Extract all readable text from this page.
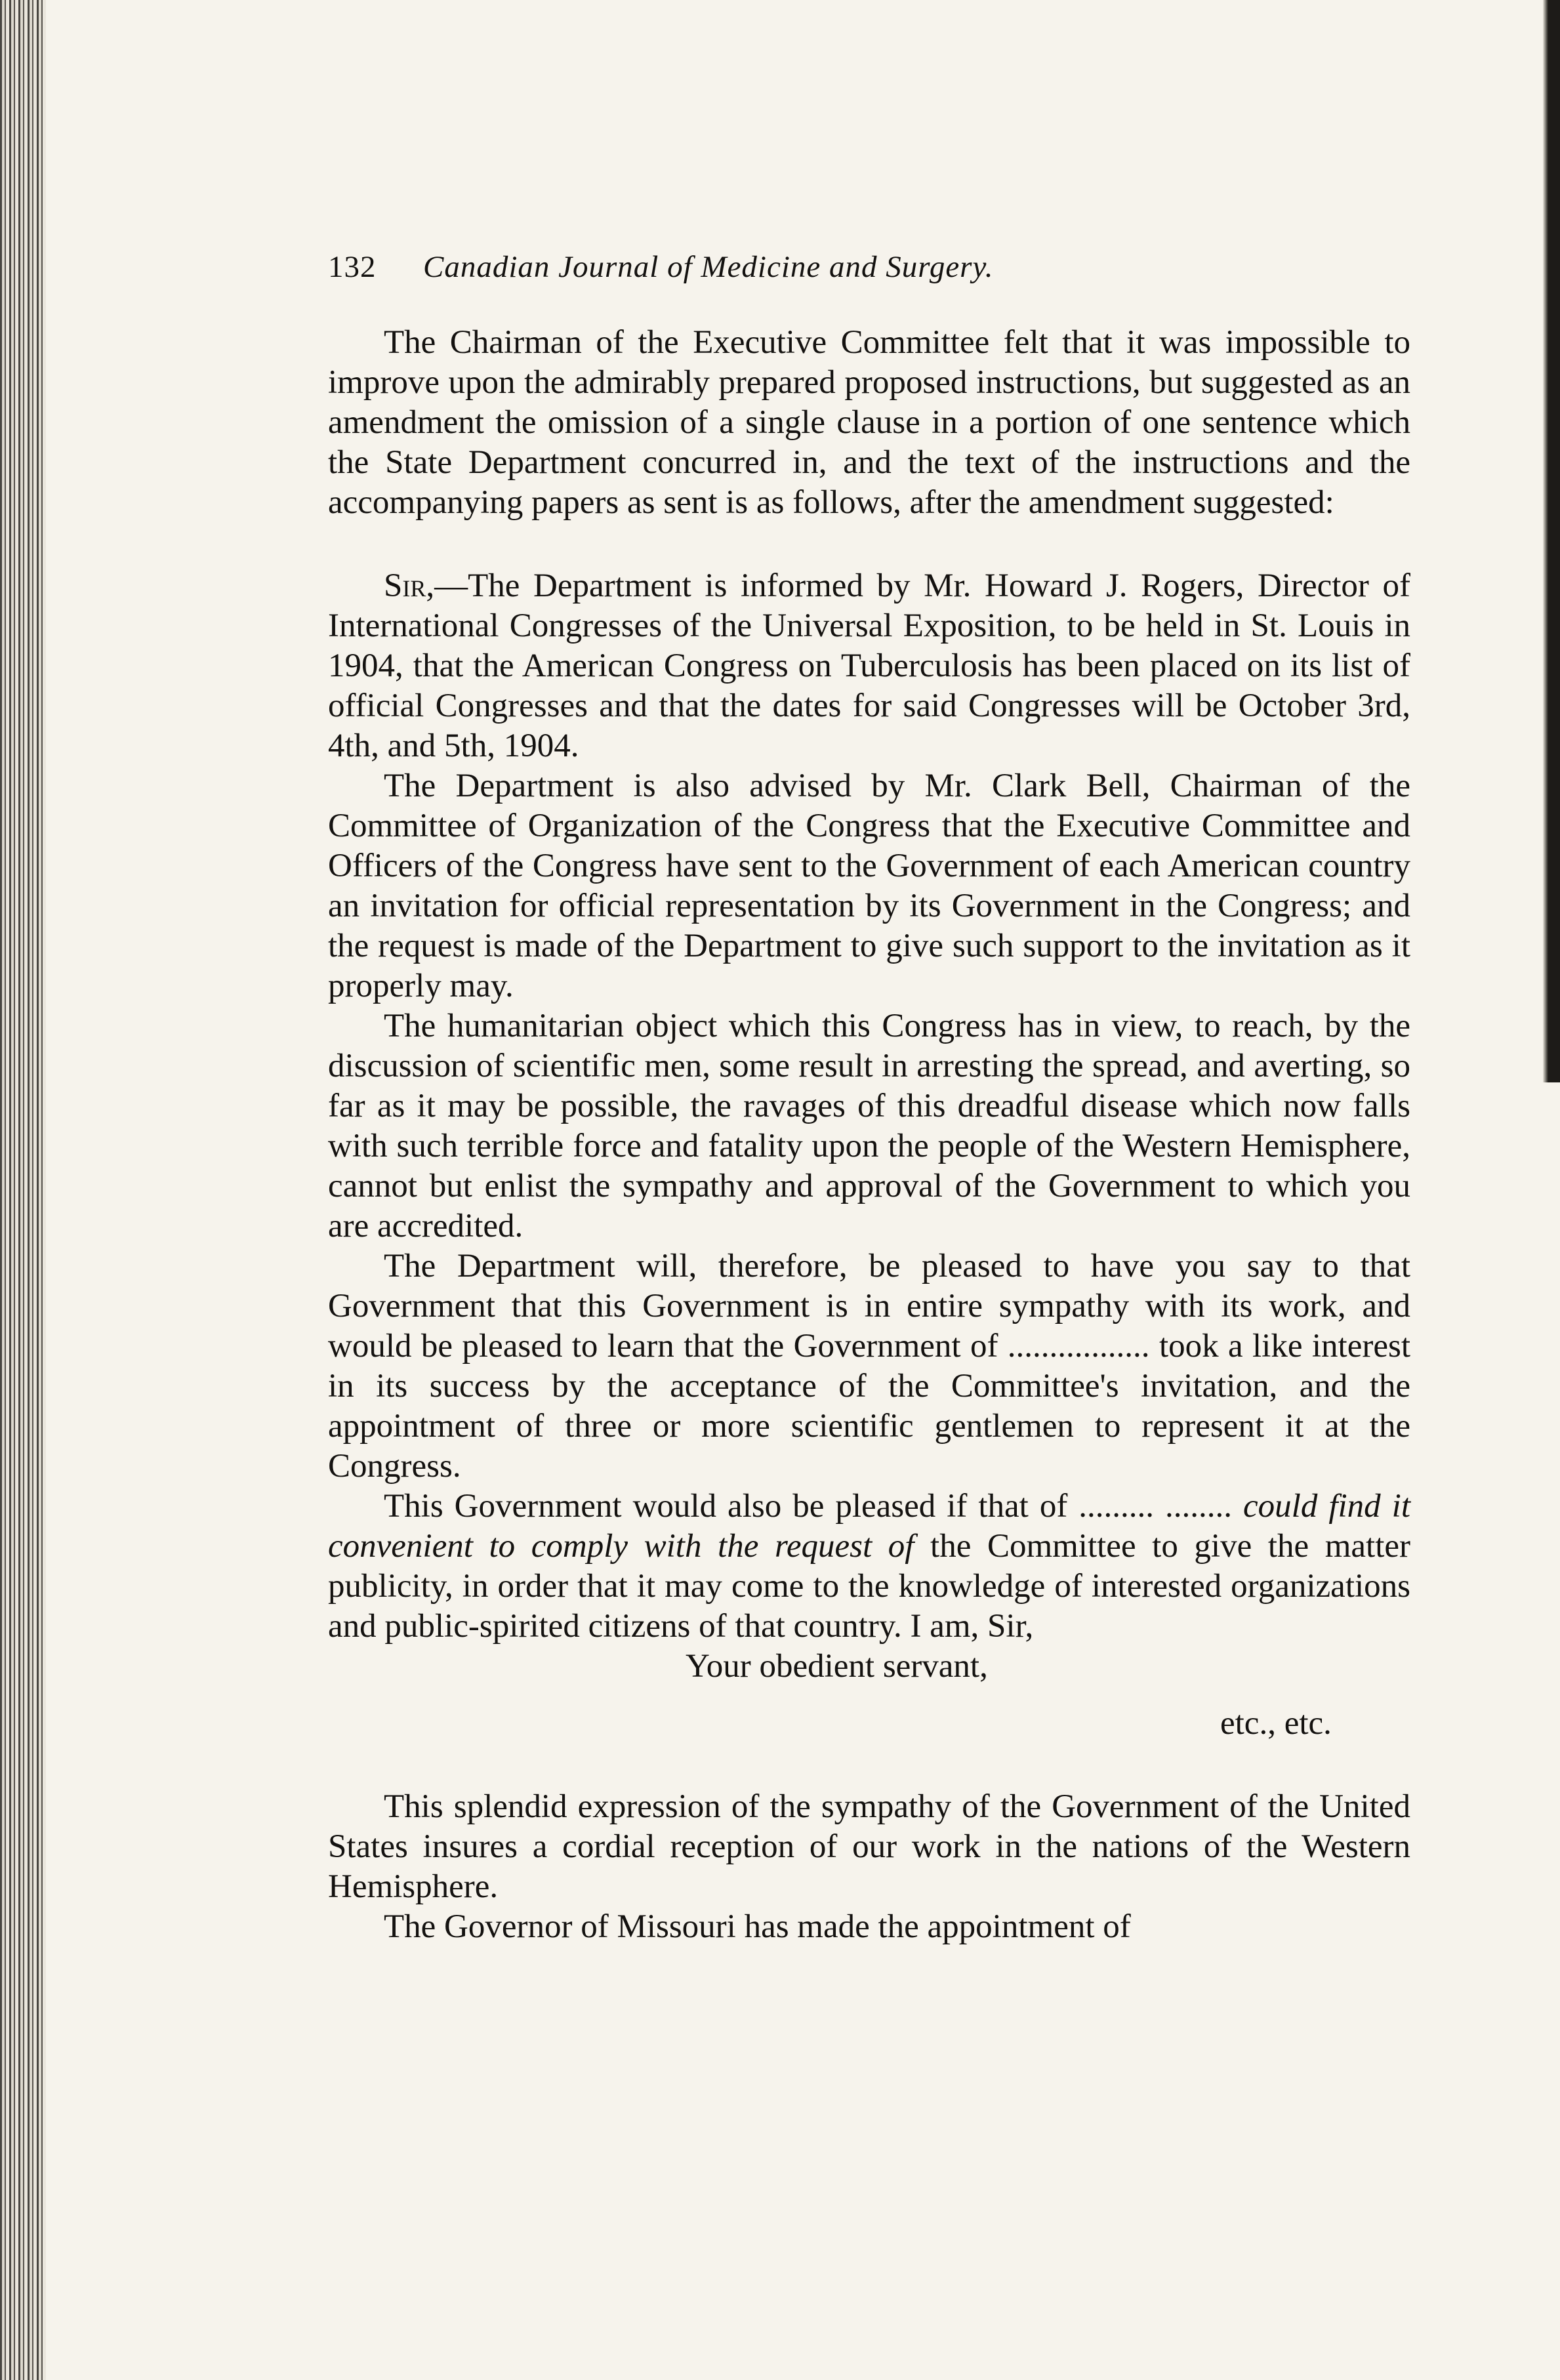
132	Canadian Journal of Medicine and Surgery.

The Chairman of the Executive Committee felt that it was impossible to improve upon the admirably prepared proposed instructions, but suggested as an amendment the omission of a single clause in a portion of one sentence which the State Department concurred in, and the text of the instructions and the accompanying papers as sent is as follows, after the amendment suggested:

Sir,—The Department is informed by Mr. Howard J. Rogers, Director of International Congresses of the Universal Exposition, to be held in St. Louis in 1904, that the American Congress on Tuberculosis has been placed on its list of official Congresses and that the dates for said Congresses will be October 3rd, 4th, and 5th, 1904.

The Department is also advised by Mr. Clark Bell, Chairman of the Committee of Organization of the Congress that the Executive Committee and Officers of the Congress have sent to the Government of each American country an invitation for official representation by its Government in the Congress; and the request is made of the Department to give such support to the invitation as it properly may.

The humanitarian object which this Congress has in view, to reach, by the discussion of scientific men, some result in arresting the spread, and averting, so far as it may be possible, the ravages of this dreadful disease which now falls with such terrible force and fatality upon the people of the Western Hemisphere, cannot but enlist the sympathy and approval of the Government to which you are accredited.

The Department will, therefore, be pleased to have you say to that Government that this Government is in entire sympathy with its work, and would be pleased to learn that the Government of ................. took a like interest in its success by the acceptance of the Committee's invitation, and the appointment of three or more scientific gentlemen to represent it at the Congress.

This Government would also be pleased if that of ......... ........ could find it convenient to comply with the request of the Committee to give the matter publicity, in order that it may come to the knowledge of interested organizations and public-spirited citizens of that country. I am, Sir,

Your obedient servant,
etc., etc.

This splendid expression of the sympathy of the Government of the United States insures a cordial reception of our work in the nations of the Western Hemisphere.

The Governor of Missouri has made the appointment of
